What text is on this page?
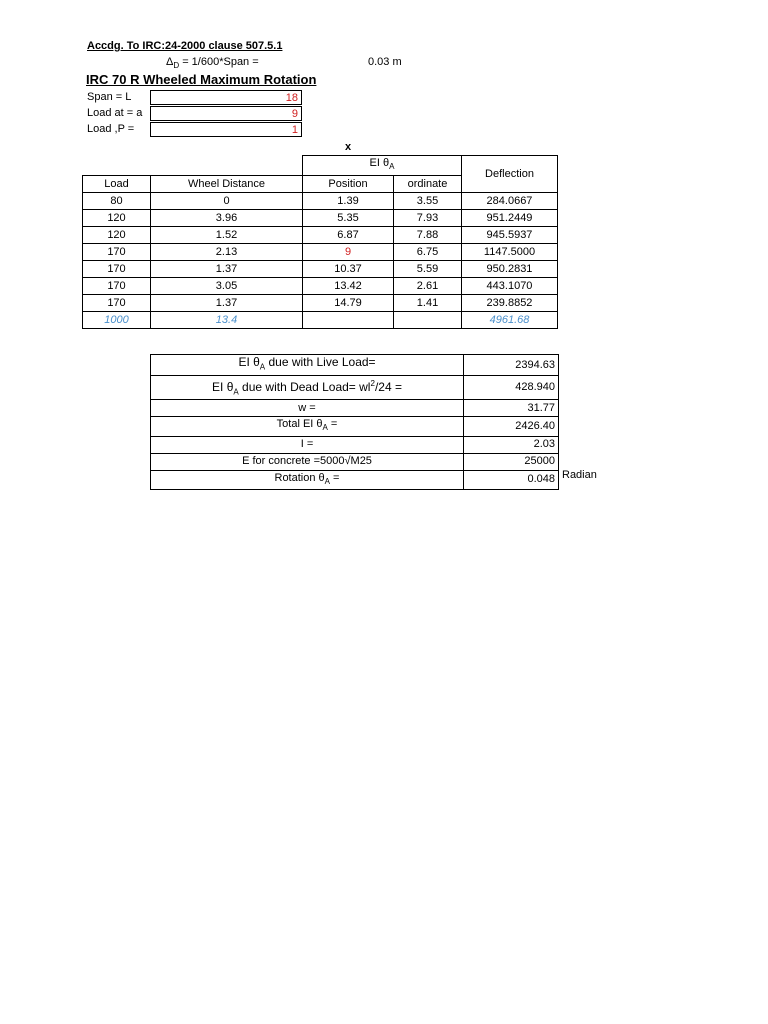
Accdg. To IRC:24-2000 clause 507.5.1
$\Delta_D$ = 1/600*Span =	0.03 m
IRC 70 R Wheeled Maximum Rotation
Span = L	18
Load at = a	9
Load ,P =	1
x
		EI $\theta_A$		Deflection
Load	Wheel Distance	Position	ordinate	
80	0	1.39	3.55	284.0667
120	3.96	5.35	7.93	951.2449
120	1.52	6.87	7.88	945.5937
170	2.13	9	6.75	1147.5000
170	1.37	10.37	5.59	950.2831
170	3.05	13.42	2.61	443.1070
170	1.37	14.79	1.41	239.8852
1000	13.4			4961.68
EI $\theta_A$ due with Live Load=	2394.63
EI $\theta_A$ due with Dead Load= $wl^2/24$ =	428.940
w =	31.77
Total EI $\theta_A$ =	2426.40
I =	2.03
E for concrete =5000√M25	25000
Rotation $\theta_A$ =	0.048 Radian
